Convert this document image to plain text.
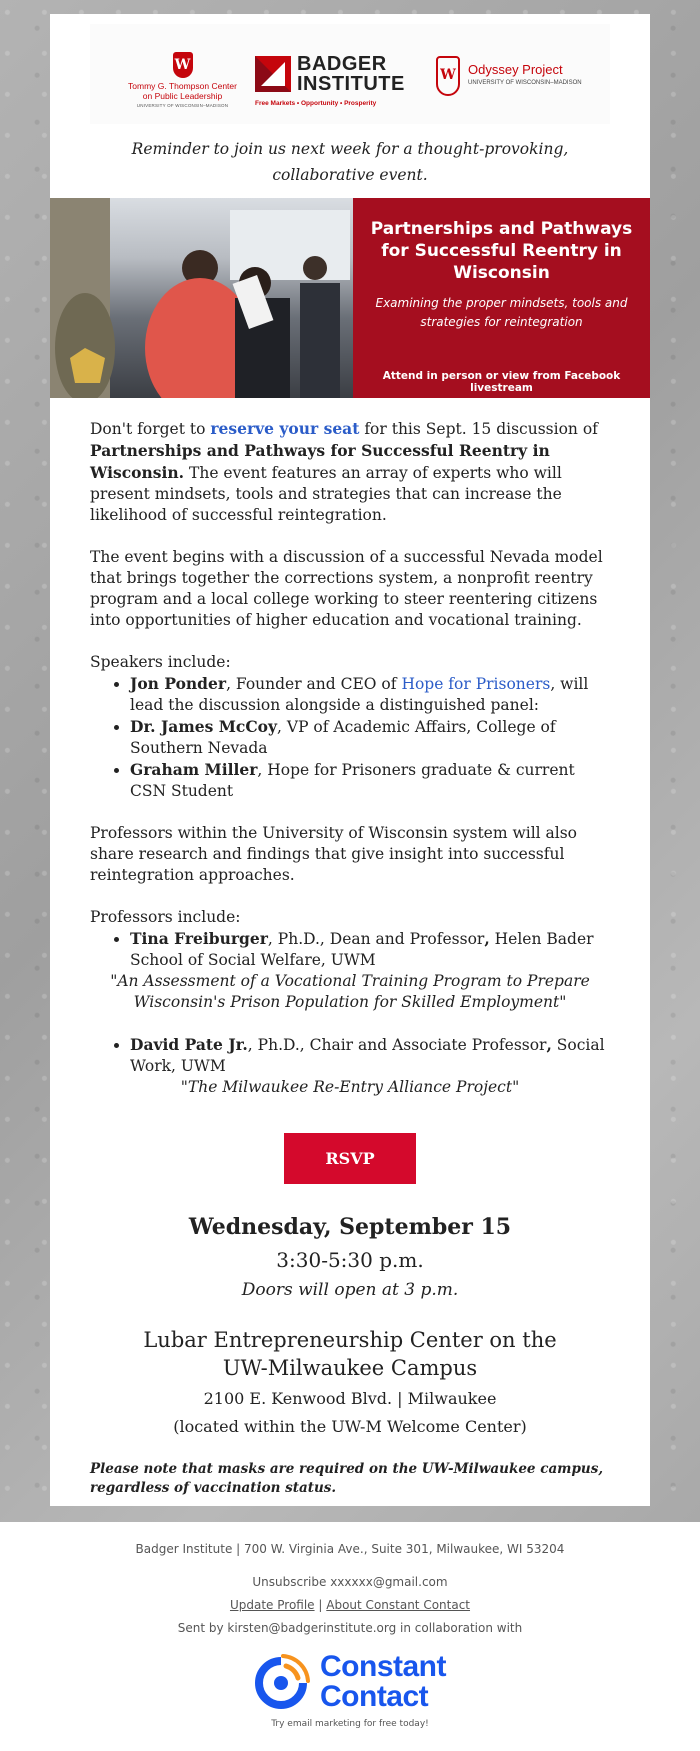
W
Tommy G. Thompson Center
on Public Leadership
UNIVERSITY OF WISCONSIN–MADISON
BADGER
INSTITUTE
Free Markets • Opportunity • Prosperity
W Odyssey Project
UNIVERSITY OF WISCONSIN–MADISON
Reminder to join us next week for a thought-provoking, collaborative event.
Partnerships and Pathways for Successful Reentry in Wisconsin
Examining the proper mindsets, tools and strategies for reintegration
Attend in person or view from Facebook livestream

Don't forget to reserve your seat for this Sept. 15 discussion of Partnerships and Pathways for Successful Reentry in Wisconsin. The event features an array of experts who will present mindsets, tools and strategies that can increase the likelihood of successful reintegration.

The event begins with a discussion of a successful Nevada model that brings together the corrections system, a nonprofit reentry program and a local college working to steer reentering citizens into opportunities of higher education and vocational training.

Speakers include:
• Jon Ponder, Founder and CEO of Hope for Prisoners, will lead the discussion alongside a distinguished panel:
• Dr. James McCoy, VP of Academic Affairs, College of Southern Nevada
• Graham Miller, Hope for Prisoners graduate & current CSN Student

Professors within the University of Wisconsin system will also share research and findings that give insight into successful reintegration approaches.

Professors include:
• Tina Freiburger, Ph.D., Dean and Professor, Helen Bader School of Social Welfare, UWM
"An Assessment of a Vocational Training Program to Prepare Wisconsin's Prison Population for Skilled Employment"
• David Pate Jr., Ph.D., Chair and Associate Professor, Social Work, UWM
"The Milwaukee Re-Entry Alliance Project"
RSVP
Wednesday, September 15
3:30-5:30 p.m.
Doors will open at 3 p.m.
Lubar Entrepreneurship Center on the
UW-Milwaukee Campus
2100 E. Kenwood Blvd. | Milwaukee
(located within the UW-M Welcome Center)
Please note that masks are required on the UW-Milwaukee campus, regardless of vaccination status.
Badger Institute | 700 W. Virginia Ave., Suite 301, Milwaukee, WI 53204
Unsubscribe xxxxxx@gmail.com
Update Profile | About Constant Contact
Sent by kirsten@badgerinstitute.org in collaboration with
Constant
Contact
Try email marketing for free today!
